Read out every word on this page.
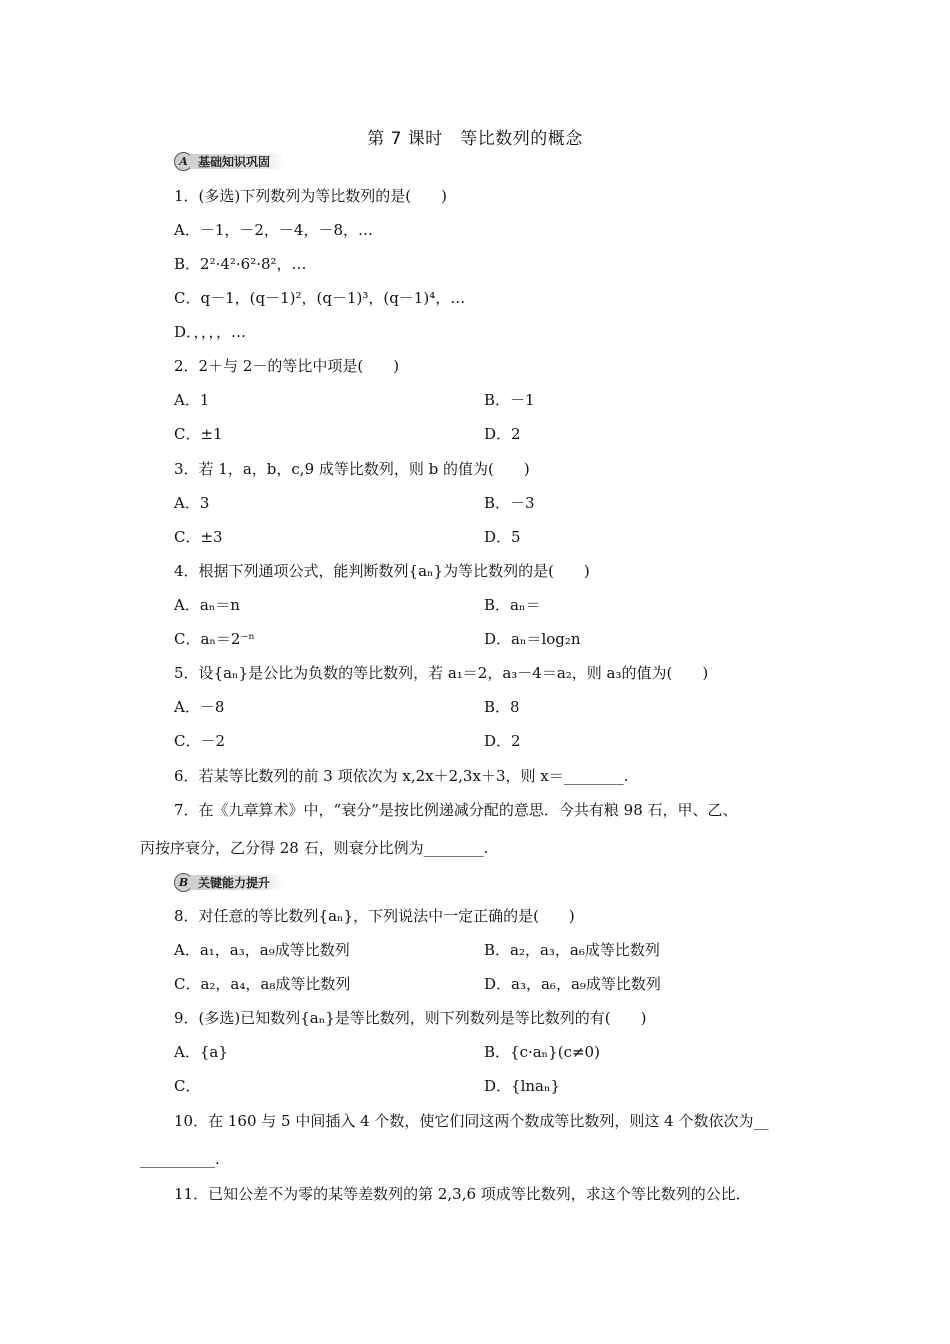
第 7 课时　等比数列的概念
A 基础知识巩固
1．(多选)下列数列为等比数列的是(　　)
A．－1，－2，－4，－8，…
B．2²·4²·6²·8²，…
C．q－1，(q－1)²，(q－1)³，(q－1)⁴，…
D．，，，，…
2．2＋与 2－的等比中项是(　　)
A．1	B．－1
C．±1	D．2
3．若 1，a，b，c,9 成等比数列，则 b 的值为(　　)
A．3	B．－3
C．±3	D．5
4．根据下列通项公式，能判断数列{aₙ}为等比数列的是(　　)
A．aₙ＝n	B．aₙ＝
C．aₙ＝2⁻ⁿ	D．aₙ＝log₂n
5．设{aₙ}是公比为负数的等比数列，若 a₁＝2，a₃－4＝a₂，则 a₃的值为(　　)
A．－8	B．8
C．－2	D．2
6．若某等比数列的前 3 项依次为 x,2x＋2,3x＋3，则 x＝________.
7．在《九章算术》中，“衰分”是按比例递减分配的意思．今共有粮 98 石，甲、乙、
丙按序衰分，乙分得 28 石，则衰分比例为________.
B 关键能力提升
8．对任意的等比数列{aₙ}，下列说法中一定正确的是(　　)
A．a₁，a₃，a₉成等比数列	B．a₂，a₃，a₆成等比数列
C．a₂，a₄，a₈成等比数列	D．a₃，a₆，a₉成等比数列
9．(多选)已知数列{aₙ}是等比数列，则下列数列是等比数列的有(　　)
A．{a}	B．{c·aₙ}(c≠0)
C．	D．{lnaₙ}
10．在 160 与 5 中间插入 4 个数，使它们同这两个数成等比数列，则这 4 个数依次为__
__________.
11．已知公差不为零的某等差数列的第 2,3,6 项成等比数列，求这个等比数列的公比．
